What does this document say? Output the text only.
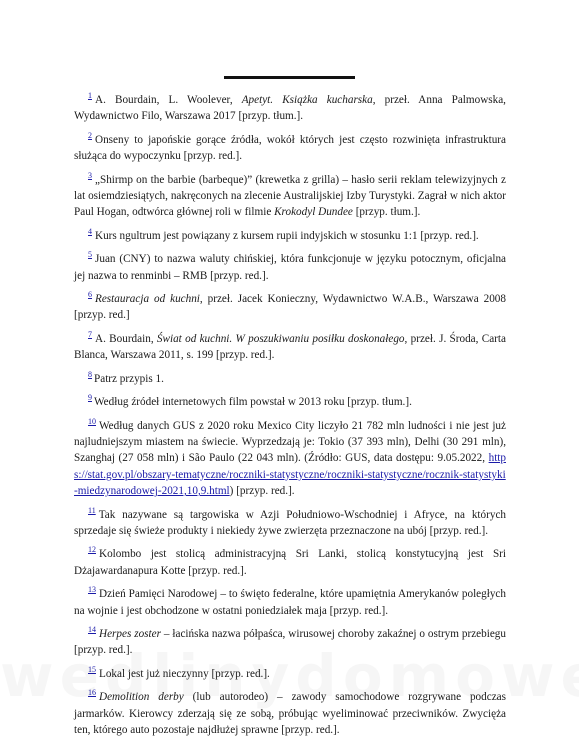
$^1$ A. Bourdain, L. Woolever, Apetyt. Książka kucharska, przeł. Anna Palmowska, Wydawnictwo Filo, Warszawa 2017 [przyp. tłum.].

$^2$ Onseny to japońskie gorące źródła, wokół których jest często rozwinięta infrastruktura służąca do wypoczynku [przyp. red.].

$^3$ „Shirmp on the barbie (barbeque)” (krewetka z grilla) – hasło serii reklam telewizyjnych z lat osiemdziesiątych, nakręconych na zlecenie Australijskiej Izby Turystyki. Zagrał w nich aktor Paul Hogan, odtwórca głównej roli w filmie Krokodyl Dundee [przyp. tłum.].

$^4$ Kurs ngultrum jest powiązany z kursem rupii indyjskich w stosunku 1:1 [przyp. red.].

$^5$ Juan (CNY) to nazwa waluty chińskiej, która funkcjonuje w języku potocznym, oficjalna jej nazwa to renminbi – RMB [przyp. red.].

$^6$ Restauracja od kuchni, przeł. Jacek Konieczny, Wydawnictwo W.A.B., Warszawa 2008 [przyp. red.]

$^7$ A. Bourdain, Świat od kuchni. W poszukiwaniu posiłku doskonałego, przeł. J. Środa, Carta Blanca, Warszawa 2011, s. 199 [przyp. red.].

$^8$ Patrz przypis 1.

$^9$ Według źródeł internetowych film powstał w 2013 roku [przyp. tłum.].

$^{10}$ Według danych GUS z 2020 roku Mexico City liczyło 21 782 mln ludności i nie jest już najludniejszym miastem na świecie. Wyprzedzają je: Tokio (37 393 mln), Delhi (30 291 mln), Szanghaj (27 058 mln) i São Paulo (22 043 mln). (Źródło: GUS, data dostępu: 9.05.2022, https://stat.gov.pl/obszary-tematyczne/roczniki-statystyczne/roczniki-statystyczne/rocznik-statystyki-miedzynarodowej-2021,10,9.html) [przyp. red.].

$^{11}$ Tak nazywane są targowiska w Azji Południowo-Wschodniej i Afryce, na których sprzedaje się świeże produkty i niekiedy żywe zwierzęta przeznaczone na ubój [przyp. red.].

$^{12}$ Kolombo jest stolicą administracyjną Sri Lanki, stolicą konstytucyjną jest Sri Dżajawardanapura Kotte [przyp. red.].

$^{13}$ Dzień Pamięci Narodowej – to święto federalne, które upamiętnia Amerykanów poległych na wojnie i jest obchodzone w ostatni poniedziałek maja [przyp. red.].

$^{14}$ Herpes zoster – łacińska nazwa półpaśca, wirusowej choroby zakaźnej o ostrym przebiegu [przyp. red.].

$^{15}$ Lokal jest już nieczynny [przyp. red.].

$^{16}$ Demolition derby (lub autorodeo) – zawody samochodowe rozgrywane podczas jarmarków. Kierowcy zderzają się ze sobą, próbując wyeliminować przeciwników. Zwycięża ten, którego auto pozostaje najdłużej sprawne [przyp. red.].
